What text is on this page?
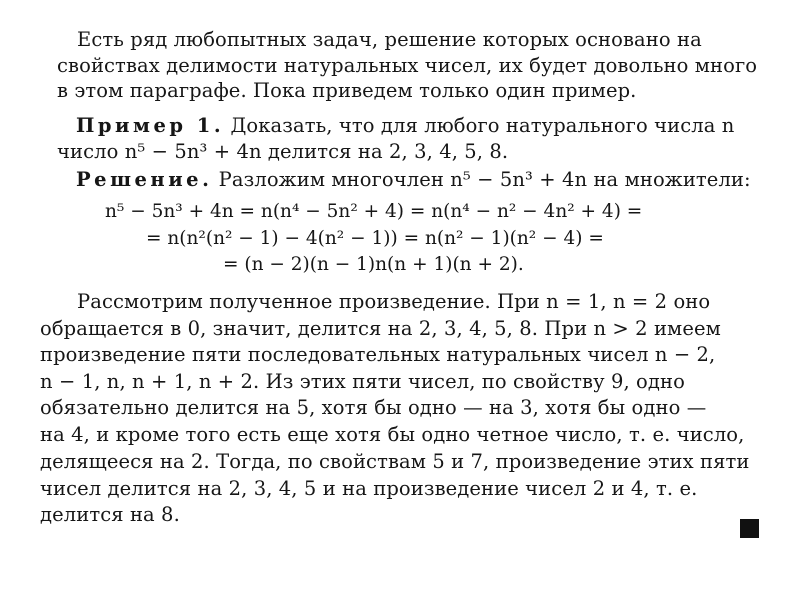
Есть ряд любопытных задач, решение которых основано на
свойствах делимости натуральных чисел, их будет довольно много
в этом параграфе. Пока приведем только один пример.
Пример 1. Доказать, что для любого натурального числа n
число n⁵ − 5n³ + 4n делится на 2, 3, 4, 5, 8.
Решение. Разложим многочлен n⁵ − 5n³ + 4n на множители:
n⁵ − 5n³ + 4n = n(n⁴ − 5n² + 4) = n(n⁴ − n² − 4n² + 4) =
= n(n²(n² − 1) − 4(n² − 1)) = n(n² − 1)(n² − 4) =
= (n − 2)(n − 1)n(n + 1)(n + 2).
Рассмотрим полученное произведение. При n = 1, n = 2 оно
обращается в 0, значит, делится на 2, 3, 4, 5, 8. При n > 2 имеем
произведение пяти последовательных натуральных чисел n − 2,
n − 1, n, n + 1, n + 2. Из этих пяти чисел, по свойству 9, одно
обязательно делится на 5, хотя бы одно — на 3, хотя бы одно —
на 4, и кроме того есть еще хотя бы одно четное число, т. е. число,
делящееся на 2. Тогда, по свойствам 5 и 7, произведение этих пяти
чисел делится на 2, 3, 4, 5 и на произведение чисел 2 и 4, т. е.
делится на 8.
